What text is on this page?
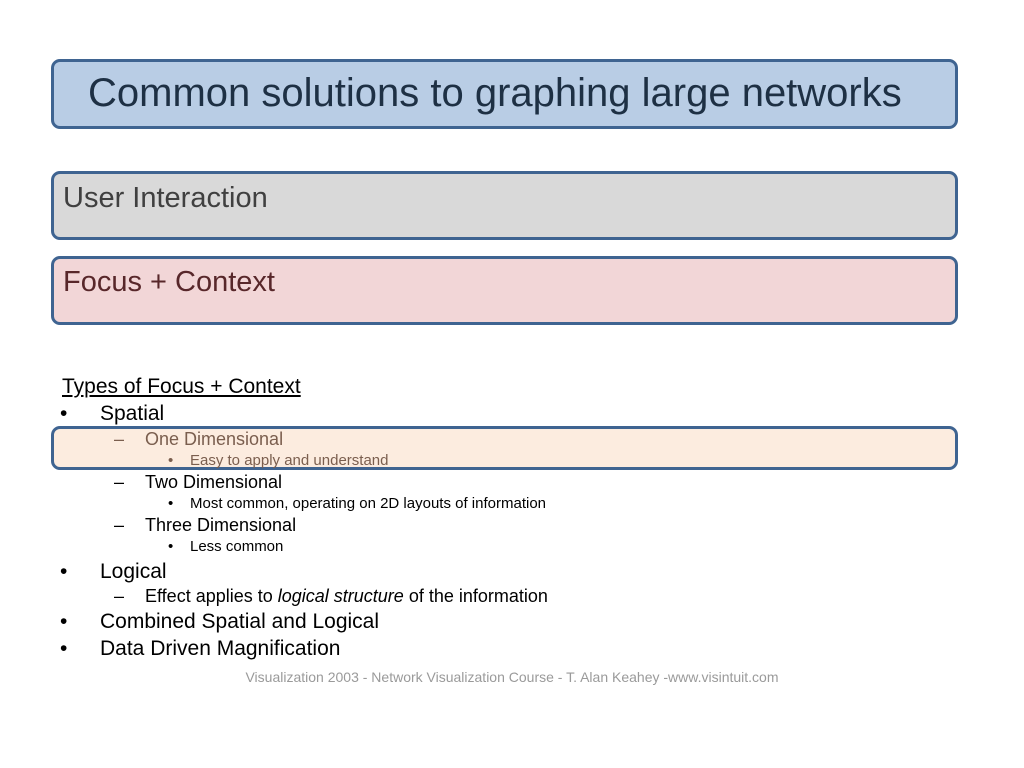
Common solutions to graphing large networks
User Interaction
Focus + Context
Types of Focus + Context
• Spatial
– One Dimensional
• Easy to apply and understand
– Two Dimensional
• Most common, operating on 2D layouts of information
– Three Dimensional
• Less common
• Logical
– Effect applies to logical structure of the information
• Combined Spatial and Logical
• Data Driven Magnification
Visualization 2003 - Network Visualization Course - T. Alan Keahey -www.visintuit.com
